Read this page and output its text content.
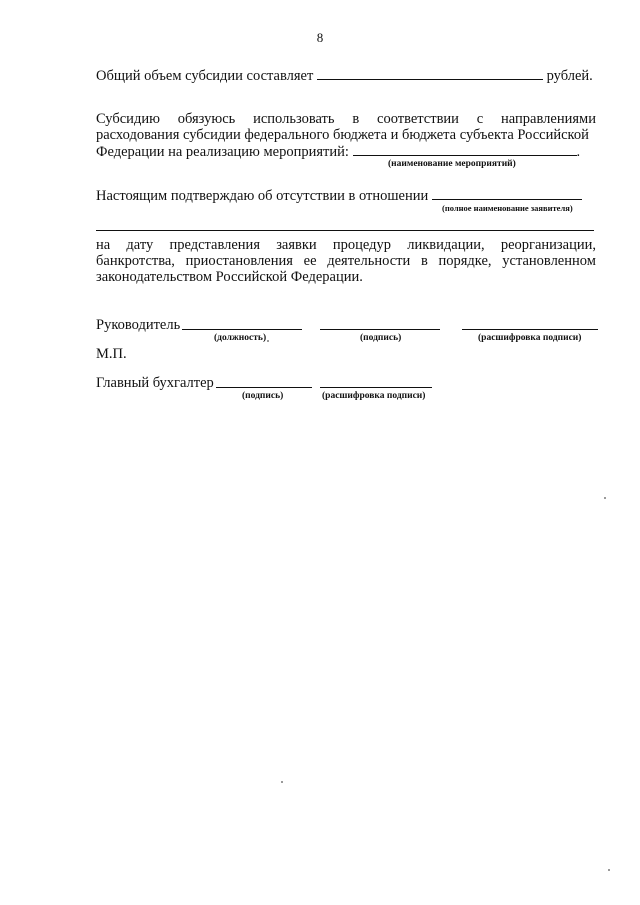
8
Общий объем субсидии составляет	рублей.
Субсидию обязуюсь использовать в соответствии с направлениями
расходования субсидии федерального бюджета и бюджета субъекта Российской
Федерации на реализацию мероприятий:	.
(наименование мероприятий)
Настоящим подтверждаю об отсутствии в отношении
(полное наименование заявителя)
на дату представления заявки процедур ликвидации, реорганизации,
банкротства, приостановления ее деятельности в порядке, установленном
законодательством Российской Федерации.
Руководитель
(должность)	(подпись)	(расшифровка подписи)
М.П.
Главный бухгалтер
(подпись)	(расшифровка подписи)
